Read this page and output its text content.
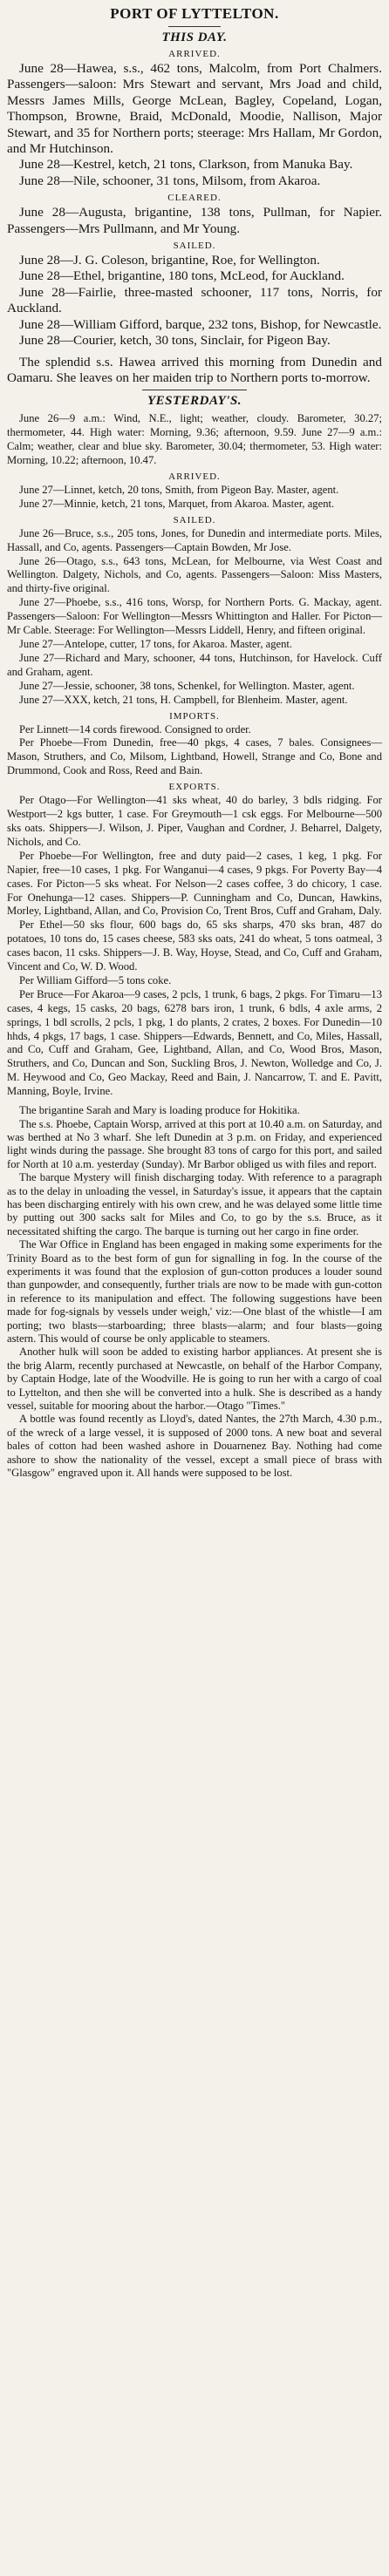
PORT OF LYTTELTON.
THIS DAY.
ARRIVED.

June 28—Hawea, s.s., 462 tons, Malcolm, from Port Chalmers. Passengers—saloon: Mrs Stewart and servant, Mrs Joad and child, Messrs James Mills, George McLean, Bagley, Copeland, Logan, Thompson, Browne, Braid, McDonald, Moodie, Nallison, Major Stewart, and 35 for Northern ports; steerage: Mrs Hallam, Mr Gordon, and Mr Hutchinson.

June 28—Kestrel, ketch, 21 tons, Clarkson, from Manuka Bay.

June 28—Nile, schooner, 31 tons, Milsom, from Akaroa.

CLEARED.

June 28—Augusta, brigantine, 138 tons, Pullman, for Napier. Passengers—Mrs Pullmann, and Mr Young.

SAILED.

June 28—J. G. Coleson, brigantine, Roe, for Wellington.

June 28—Ethel, brigantine, 180 tons, McLeod, for Auckland.

June 28—Fairlie, three-masted schooner, 117 tons, Norris, for Auckland.

June 28—William Gifford, barque, 232 tons, Bishop, for Newcastle.

June 28—Courier, ketch, 30 tons, Sinclair, for Pigeon Bay.

The splendid s.s. Hawea arrived this morning from Dunedin and Oamaru. She leaves on her maiden trip to Northern ports to-morrow.

YESTERDAY'S.

June 26—9 a.m.: Wind, N.E., light; weather, cloudy. Barometer, 30.27; thermometer, 44. High water: Morning, 9.36; afternoon, 9.59. June 27—9 a.m.: Calm; weather, clear and blue sky. Barometer, 30.04; thermometer, 53. High water: Morning, 10.22; afternoon, 10.47.

ARRIVED.

June 27—Linnet, ketch, 20 tons, Smith, from Pigeon Bay. Master, agent.

June 27—Minnie, ketch, 21 tons, Marquet, from Akaroa. Master, agent.

SAILED.

June 26—Bruce, s.s., 205 tons, Jones, for Dunedin and intermediate ports. Miles, Hassall, and Co, agents. Passengers—Captain Bowden, Mr Jose.

June 26—Otago, s.s., 643 tons, McLean, for Melbourne, via West Coast and Wellington. Dalgety, Nichols, and Co, agents. Passengers—Saloon: Miss Masters, and thirty-five original.

June 27—Phoebe, s.s., 416 tons, Worsp, for Northern Ports. G. Mackay, agent. Passengers—Saloon: For Wellington—Messrs Whittington and Haller. For Picton—Mr Cable. Steerage: For Wellington—Messrs Liddell, Henry, and fifteen original.

June 27—Antelope, cutter, 17 tons, for Akaroa. Master, agent.

June 27—Richard and Mary, schooner, 44 tons, Hutchinson, for Havelock. Cuff and Graham, agent.

June 27—Jessie, schooner, 38 tons, Schenkel, for Wellington. Master, agent.

June 27—XXX, ketch, 21 tons, H. Campbell, for Blenheim. Master, agent.

IMPORTS.

Per Linnett—14 cords firewood. Consigned to order.

Per Phoebe—From Dunedin, free—40 pkgs, 4 cases, 7 bales. Consignees—Mason, Struthers, and Co, Milsom, Lightband, Howell, Strange and Co, Bone and Drummond, Cook and Ross, Reed and Bain.

EXPORTS.

Per Otago—For Wellington—41 sks wheat, 40 do barley, 3 bdls ridging. For Westport—2 kgs butter, 1 case. For Greymouth—1 csk eggs. For Melbourne—500 sks oats. Shippers—J. Wilson, J. Piper, Vaughan and Cordner, J. Beharrel, Dalgety, Nichols, and Co.

Per Phoebe—For Wellington, free and duty paid—2 cases, 1 keg, 1 pkg. For Napier, free—10 cases, 1 pkg. For Wanganui—4 cases, 9 pkgs. For Poverty Bay—4 cases. For Picton—5 sks wheat. For Nelson—2 cases coffee, 3 do chicory, 1 case. For Onehunga—12 cases. Shippers—P. Cunningham and Co, Duncan, Hawkins, Morley, Lightband, Allan, and Co, Provision Co, Trent Bros, Cuff and Graham, Daly.

Per Ethel—50 sks flour, 600 bags do, 65 sks sharps, 470 sks bran, 487 do potatoes, 10 tons do, 15 cases cheese, 583 sks oats, 241 do wheat, 5 tons oatmeal, 3 cases bacon, 11 csks. Shippers—J. B. Way, Hoyse, Stead, and Co, Cuff and Graham, Vincent and Co, W. D. Wood.

Per William Gifford—5 tons coke.

Per Bruce—For Akaroa—9 cases, 2 pcls, 1 trunk, 6 bags, 2 pkgs. For Timaru—13 cases, 4 kegs, 15 casks, 20 bags, 6278 bars iron, 1 trunk, 6 bdls, 4 axle arms, 2 springs, 1 bdl scrolls, 2 pcls, 1 pkg, 1 do plants, 2 crates, 2 boxes. For Dunedin—10 hhds, 4 pkgs, 17 bags, 1 case. Shippers—Edwards, Bennett, and Co, Miles, Hassall, and Co, Cuff and Graham, Gee, Lightband, Allan, and Co, Wood Bros, Mason, Struthers, and Co, Duncan and Son, Suckling Bros, J. Newton, Wolledge and Co, J. M. Heywood and Co, Geo Mackay, Reed and Bain, J. Nancarrow, T. and E. Pavitt, Manning, Boyle, Irvine.

The brigantine Sarah and Mary is loading produce for Hokitika.

The s.s. Phoebe, Captain Worsp, arrived at this port at 10.40 a.m. on Saturday, and was berthed at No 3 wharf. She left Dunedin at 3 p.m. on Friday, and experienced light winds during the passage. She brought 83 tons of cargo for this port, and sailed for North at 10 a.m. yesterday (Sunday). Mr Barbor obliged us with files and report.

The barque Mystery will finish discharging today. With reference to a paragraph as to the delay in unloading the vessel, in Saturday's issue, it appears that the captain has been discharging entirely with his own crew, and he was delayed some little time by putting out 300 sacks salt for Miles and Co, to go by the s.s. Bruce, as it necessitated shifting the cargo. The barque is turning out her cargo in fine order.

The War Office in England has been engaged in making some experiments for the Trinity Board as to the best form of gun for signalling in fog. In the course of the experiments it was found that the explosion of gun-cotton produces a louder sound than gunpowder, and consequently, further trials are now to be made with gun-cotton in reference to its manipulation and effect. The following suggestions have been made for fog-signals by vessels under weigh,' viz:—One blast of the whistle—I am porting; two blasts—starboarding; three blasts—alarm; and four blasts—going astern. This would of course be only applicable to steamers.

Another hulk will soon be added to existing harbor appliances. At present she is the brig Alarm, recently purchased at Newcastle, on behalf of the Harbor Company, by Captain Hodge, late of the Woodville. He is going to run her with a cargo of coal to Lyttelton, and then she will be converted into a hulk. She is described as a handy vessel, suitable for mooring about the harbor.—Otago "Times."

A bottle was found recently as Lloyd's, dated Nantes, the 27th March, 4.30 p.m., of the wreck of a large vessel, it is supposed of 2000 tons. A new boat and several bales of cotton had been washed ashore in Douarnenez Bay. Nothing had come ashore to show the nationality of the vessel, except a small piece of brass with "Glasgow" engraved upon it. All hands were supposed to be lost.
